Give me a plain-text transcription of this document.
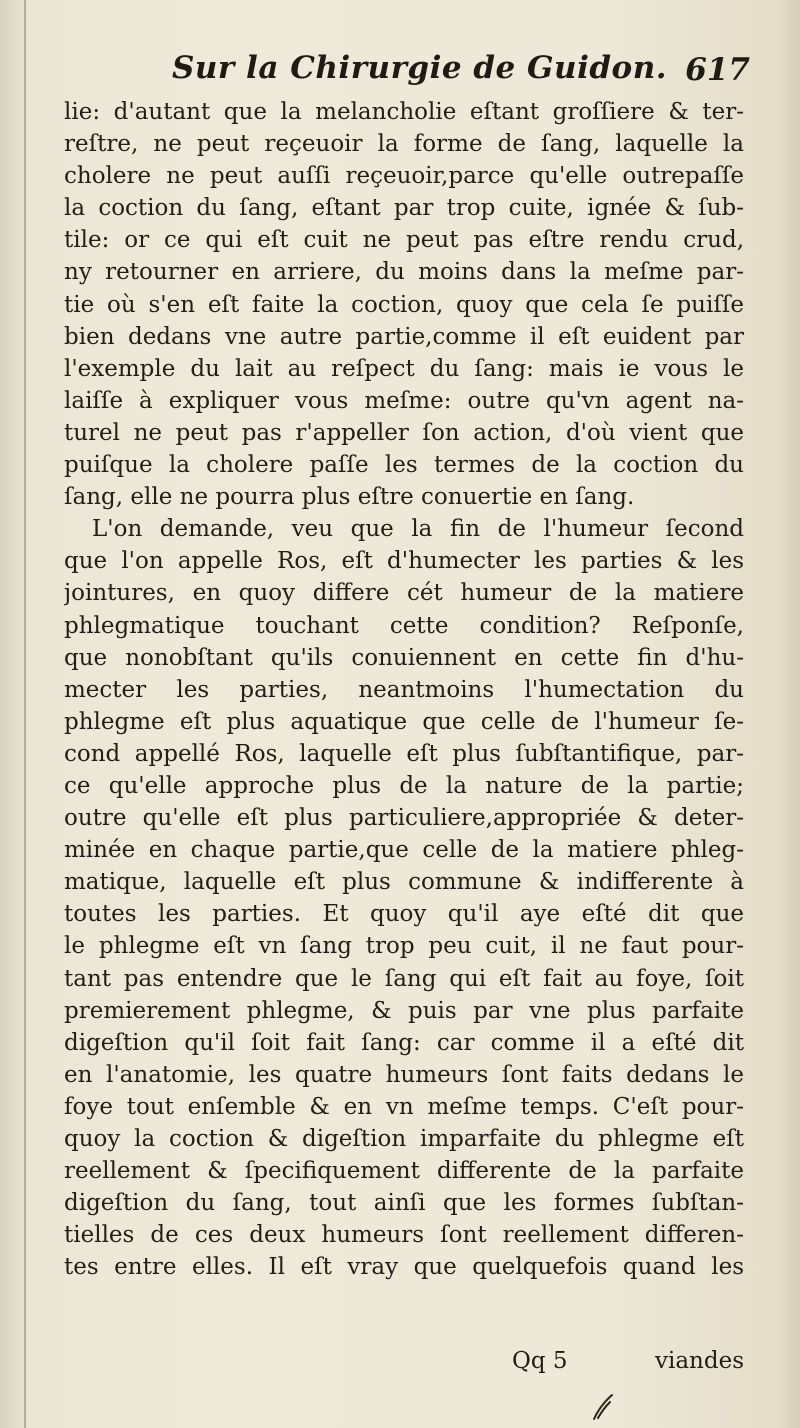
Sur la Chirurgie de Guidon. 617
lie: d'autant que la melancholie eſtant groſſiere & ter-
reſtre, ne peut reçeuoir la forme de ſang, laquelle la
cholere ne peut auſſi reçeuoir,parce qu'elle outrepaſſe
la coction du ſang, eſtant par trop cuite, ignée & ſub-
tile: or ce qui eſt cuit ne peut pas eſtre rendu crud,
ny retourner en arriere, du moins dans la meſme par-
tie où s'en eſt faite la coction, quoy que cela ſe puiſſe
bien dedans vne autre partie,comme il eſt euident par
l'exemple du lait au reſpect du ſang: mais ie vous le
laiſſe à expliquer vous meſme: outre qu'vn agent na-
turel ne peut pas r'appeller ſon action, d'où vient que
puiſque la cholere paſſe les termes de la coction du
ſang, elle ne pourra plus eſtre conuertie en ſang.
L'on demande, veu que la fin de l'humeur ſecond
que l'on appelle Ros, eſt d'humecter les parties & les
jointures, en quoy differe cét humeur de la matiere
phlegmatique touchant cette condition? Reſponſe,
que nonobſtant qu'ils conuiennent en cette fin d'hu-
mecter les parties, neantmoins l'humectation du
phlegme eſt plus aquatique que celle de l'humeur ſe-
cond appellé Ros, laquelle eſt plus ſubſtantifique, par-
ce qu'elle approche plus de la nature de la partie;
outre qu'elle eſt plus particuliere,appropriée & deter-
minée en chaque partie,que celle de la matiere phleg-
matique, laquelle eſt plus commune & indifferente à
toutes les parties. Et quoy qu'il aye eſté dit que
le phlegme eſt vn ſang trop peu cuit, il ne faut pour-
tant pas entendre que le ſang qui eſt fait au foye, ſoit
premierement phlegme, & puis par vne plus parfaite
digeſtion qu'il ſoit fait ſang: car comme il a eſté dit
en l'anatomie, les quatre humeurs ſont faits dedans le
foye tout enſemble & en vn meſme temps. C'eſt pour-
quoy la coction & digeſtion imparfaite du phlegme eſt
reellement & ſpecifiquement differente de la parfaite
digeſtion du ſang, tout ainſi que les formes ſubſtan-
tielles de ces deux humeurs ſont reellement differen-
tes entre elles. Il eſt vray que quelquefois quand les
Qq 5	viandes
